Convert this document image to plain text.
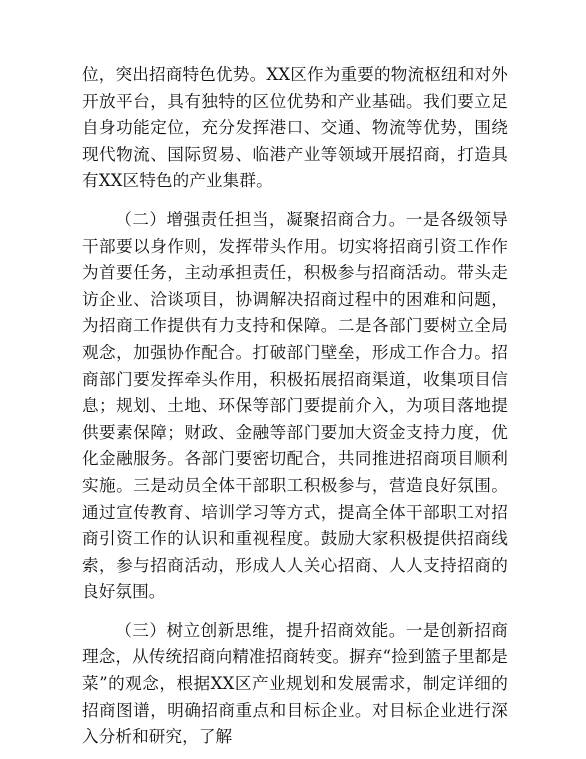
位，突出招商特色优势。XX区作为重要的物流枢纽和对外开放平台，具有独特的区位优势和产业基础。我们要立足自身功能定位，充分发挥港口、交通、物流等优势，围绕现代物流、国际贸易、临港产业等领域开展招商，打造具有XX区特色的产业集群。

（二）增强责任担当，凝聚招商合力。一是各级领导干部要以身作则，发挥带头作用。切实将招商引资工作作为首要任务，主动承担责任，积极参与招商活动。带头走访企业、洽谈项目，协调解决招商过程中的困难和问题，为招商工作提供有力支持和保障。二是各部门要树立全局观念，加强协作配合。打破部门壁垒，形成工作合力。招商部门要发挥牵头作用，积极拓展招商渠道，收集项目信息；规划、土地、环保等部门要提前介入，为项目落地提供要素保障；财政、金融等部门要加大资金支持力度，优化金融服务。各部门要密切配合，共同推进招商项目顺利实施。三是动员全体干部职工积极参与，营造良好氛围。通过宣传教育、培训学习等方式，提高全体干部职工对招商引资工作的认识和重视程度。鼓励大家积极提供招商线索，参与招商活动，形成人人关心招商、人人支持招商的良好氛围。

（三）树立创新思维，提升招商效能。一是创新招商理念，从传统招商向精准招商转变。摒弃“捡到篮子里都是菜”的观念，根据XX区产业规划和发展需求，制定详细的招商图谱，明确招商重点和目标企业。对目标企业进行深入分析和研究，了解
